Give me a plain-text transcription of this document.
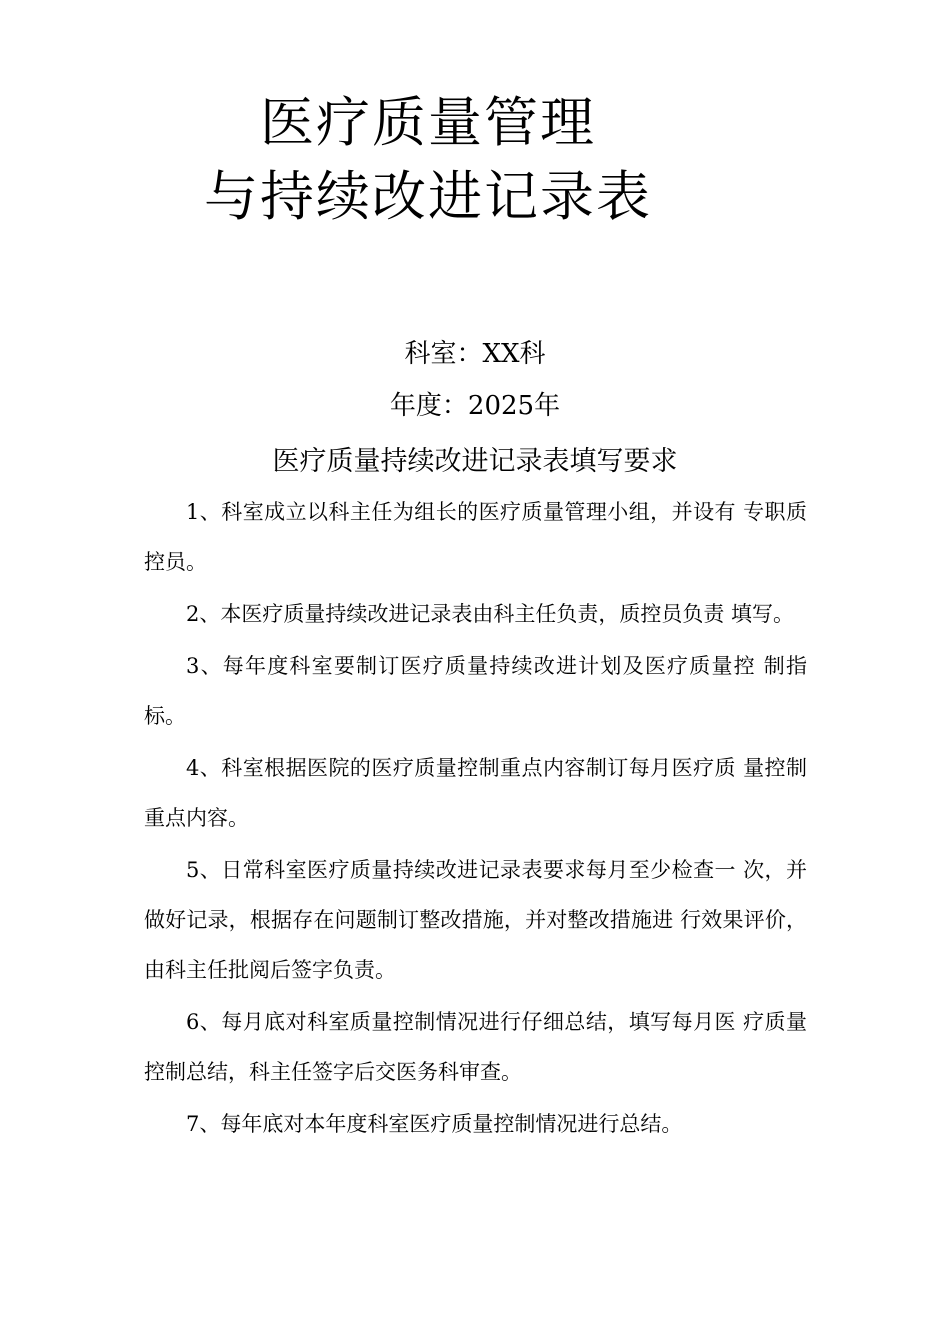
医疗质量管理
与持续改进记录表
科室：XX科
年度：2025年
医疗质量持续改进记录表填写要求

1、科室成立以科主任为组长的医疗质量管理小组，并设有 专职质控员。

2、本医疗质量持续改进记录表由科主任负责，质控员负责 填写。

3、每年度科室要制订医疗质量持续改进计划及医疗质量控 制指标。

4、科室根据医院的医疗质量控制重点内容制订每月医疗质 量控制重点内容。

5、日常科室医疗质量持续改进记录表要求每月至少检查一 次，并做好记录，根据存在问题制订整改措施，并对整改措施进 行效果评价，由科主任批阅后签字负责。

6、每月底对科室质量控制情况进行仔细总结，填写每月医 疗质量控制总结，科主任签字后交医务科审查。

7、每年底对本年度科室医疗质量控制情况进行总结。
